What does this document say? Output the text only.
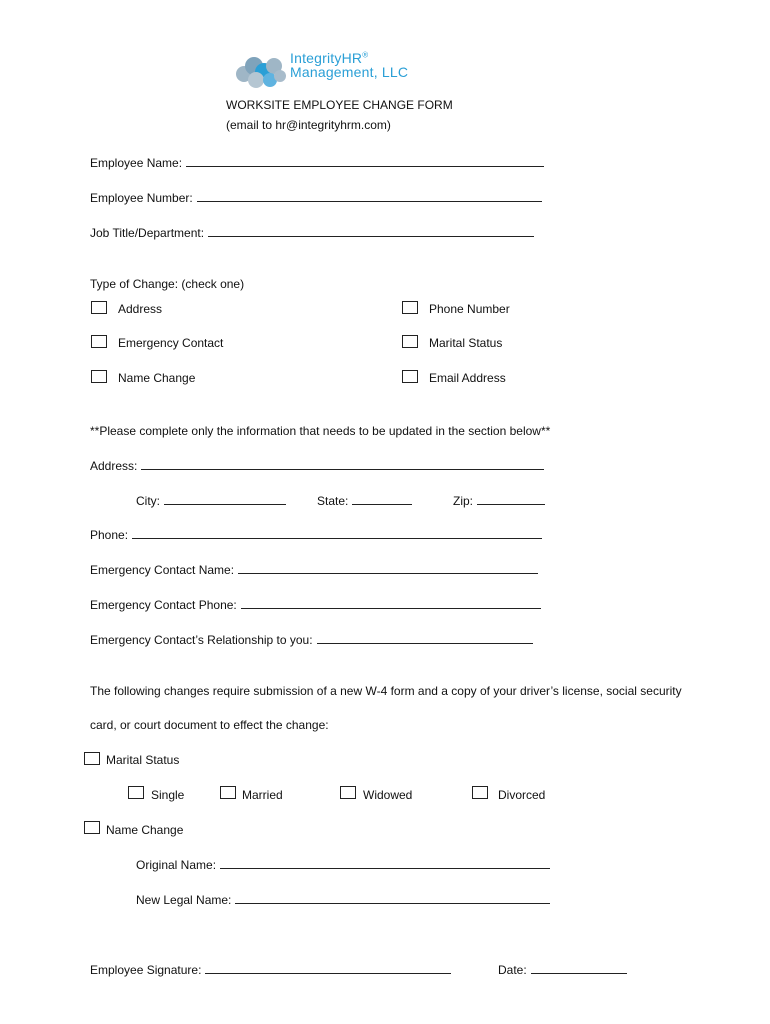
IntegrityHR®
Management, LLC
WORKSITE EMPLOYEE CHANGE FORM
(email to hr@integrityhrm.com)
Employee Name:
Employee Number:
Job Title/Department:
Type of Change: (check one)
Address	Phone Number
Emergency Contact	Marital Status
Name Change	Email Address
**Please complete only the information that needs to be updated in the section below**
Address:
City:	State:	Zip:
Phone:
Emergency Contact Name:
Emergency Contact Phone:
Emergency Contact’s Relationship to you:
The following changes require submission of a new W-4 form and a copy of your driver’s license, social security
card, or court document to effect the change:
Marital Status
Single	Married	Widowed	Divorced
Name Change
Original Name:
New Legal Name:
Employee Signature:	Date:
